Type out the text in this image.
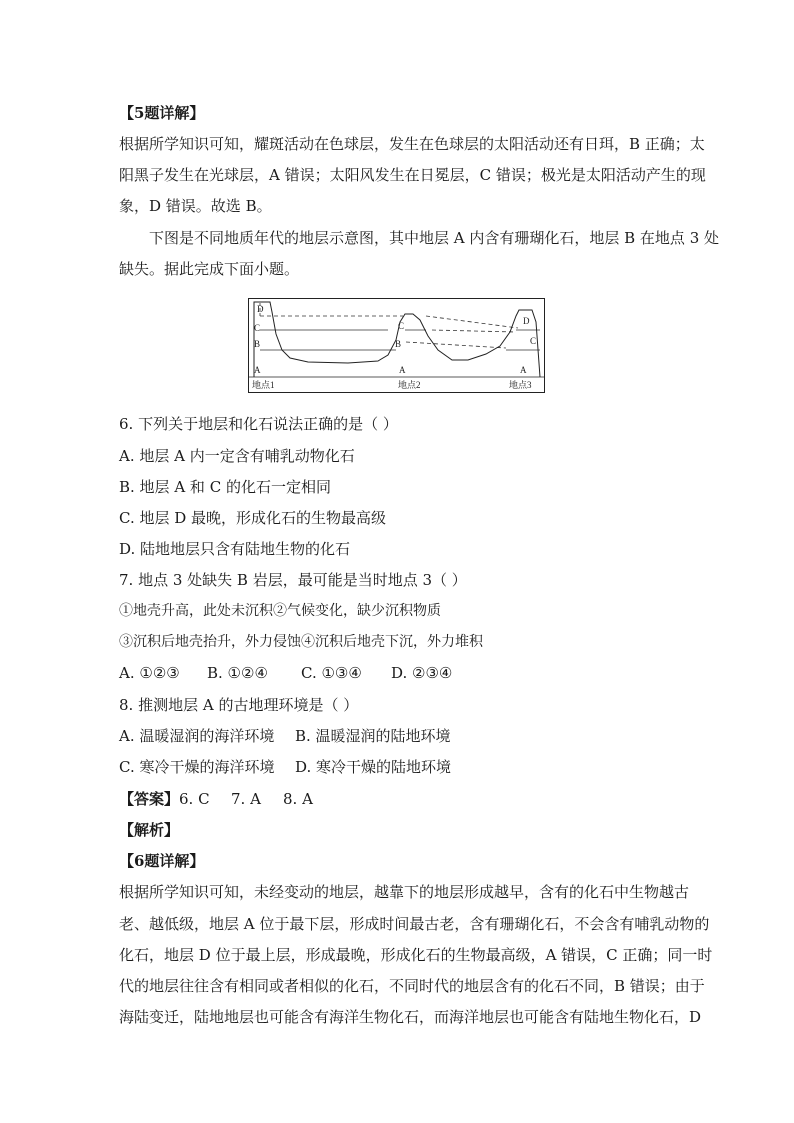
【5题详解】
根据所学知识可知，耀斑活动在色球层，发生在色球层的太阳活动还有日珥，B 正确；太
阳黑子发生在光球层，A 错误；太阳风发生在日冕层，C 错误；极光是太阳活动产生的现
象，D 错误。故选 B。
下图是不同地质年代的地层示意图，其中地层 A 内含有珊瑚化石，地层 B 在地点 3 处
缺失。据此完成下面小题。
D
C
B
A
C
B
A
D
C
A
地点1	地点2	地点3
6. 下列关于地层和化石说法正确的是（ ）
A. 地层 A 内一定含有哺乳动物化石
B. 地层 A 和 C 的化石一定相同
C. 地层 D 最晚，形成化石的生物最高级
D. 陆地地层只含有陆地生物的化石
7. 地点 3 处缺失 B 岩层，最可能是当时地点 3（ ）
①地壳升高，此处未沉积②气候变化，缺少沉积物质
③沉积后地壳抬升，外力侵蚀④沉积后地壳下沉，外力堆积
A. ①②③ B. ①②④ C. ①③④ D. ②③④
8. 推测地层 A 的古地理环境是（ ）
A. 温暖湿润的海洋环境 B. 温暖湿润的陆地环境
C. 寒冷干燥的海洋环境 D. 寒冷干燥的陆地环境
【答案】6. C 7. A 8. A
【解析】
【6题详解】
根据所学知识可知，未经变动的地层，越靠下的地层形成越早，含有的化石中生物越古
老、越低级，地层 A 位于最下层，形成时间最古老，含有珊瑚化石，不会含有哺乳动物的
化石，地层 D 位于最上层，形成最晚，形成化石的生物最高级，A 错误，C 正确；同一时
代的地层往往含有相同或者相似的化石，不同时代的地层含有的化石不同，B 错误；由于
海陆变迁，陆地地层也可能含有海洋生物化石，而海洋地层也可能含有陆地生物化石，D
